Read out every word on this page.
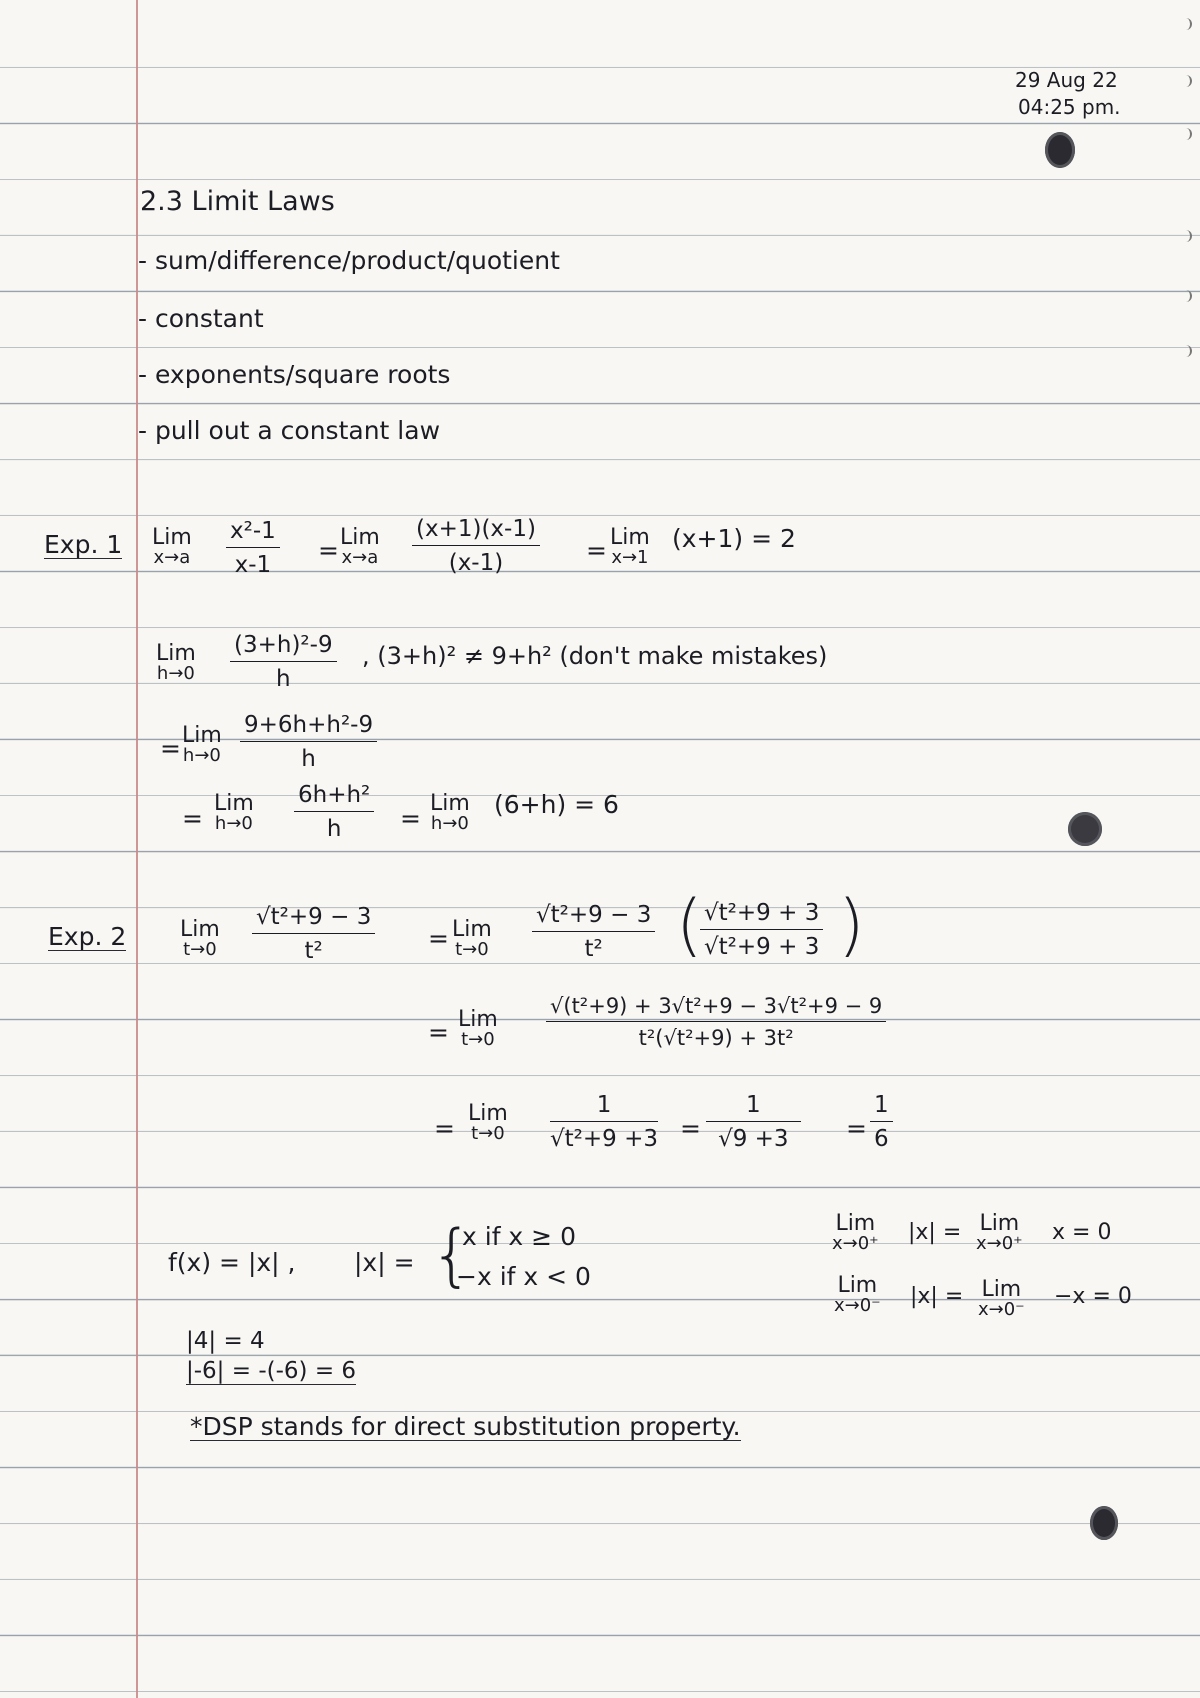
29 Aug 22
04:25 pm.
2.3 Limit Laws
- sum/difference/product/quotient
- constant
- exponents/square roots
- pull out a constant law
Exp. 1 Lim
$x\to a \frac{\text{x²-1}}{x-1}$ = Lim
$x\to a \frac{(x+1)(x-1)}{(x-1)}$ = Lim
x→1
(x+1) = 2
Lim
$h\to 0 \frac{\text{(3+h)²-9}}{h}$ , (3+h)² ≠ 9+h² (don't make mistakes)
= Lim
$h\to 0 \frac{\text{9+6h+h²-9}}{h}$
=
Lim
$h\to 0 \frac{\text{6h+h²}}{h}$ =
Lim
h→0
(6+h) = 6
Exp. 2 Lim
$t\to 0 \frac{\text{√t²+9 − 3}}{\text{t²}}$ = Lim
$t\to 0 \frac{\text{√t²+9 − 3}}{\text{t²}}$ (
$\frac{\text{√t²+9 + 3}}{\text{√t²+9 + 3}}$ )
= Lim
$t\to 0 \frac{\text{√(t²+9) + 3√t²+9 − 3√t²+9 − 9}}{\text{t²(√t²+9) + 3t²}}$
=
Lim
$t\to 0 \frac{1}{\text{√t²+9 +3}} = \frac{1}{√9 +3} = \frac{1}{6}$
f(x) = |x| , |x| = {
x if x ≥ 0
−x if x < 0
Lim
x→0⁺ |x| = Lim
x→0⁺ x = 0
Lim
x→0⁻ |x| = Lim
x→0⁻
−x = 0
|4| = 4
|-6| = -(-6) = 6
*DSP stands for direct substitution property.
